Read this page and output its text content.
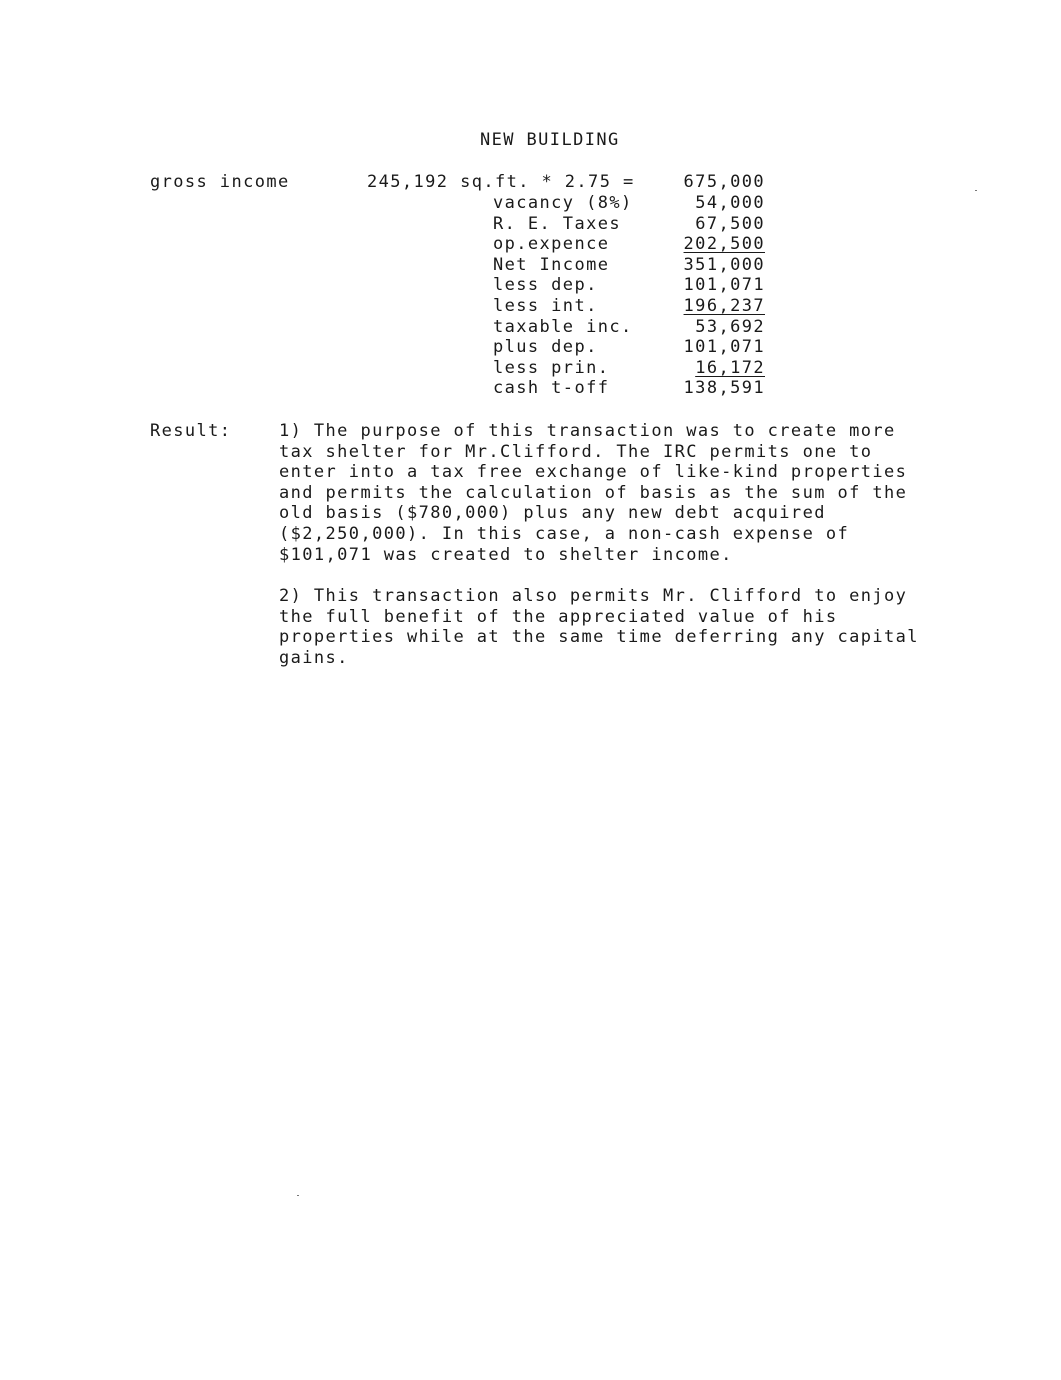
NEW BUILDING
gross income	245,192 sq.ft. * 2.75 =	675,000
vacancy (8%)	54,000
R. E. Taxes	67,500
op.expence	202,500
Net Income	351,000
less dep.	101,071
less int.	196,237
taxable inc.	53,692
plus dep.	101,071
less prin.	16,172
cash t-off	138,591
Result:	1) The purpose of this transaction was to create more
tax shelter for Mr.Clifford. The IRC permits one to
enter into a tax free exchange of like-kind properties
and permits the calculation of basis as the sum of the
old basis ($780,000) plus any new debt acquired
($2,250,000). In this case, a non-cash expense of
$101,071 was created to shelter income.
2) This transaction also permits Mr. Clifford to enjoy
the full benefit of the appreciated value of his
properties while at the same time deferring any capital
gains.
